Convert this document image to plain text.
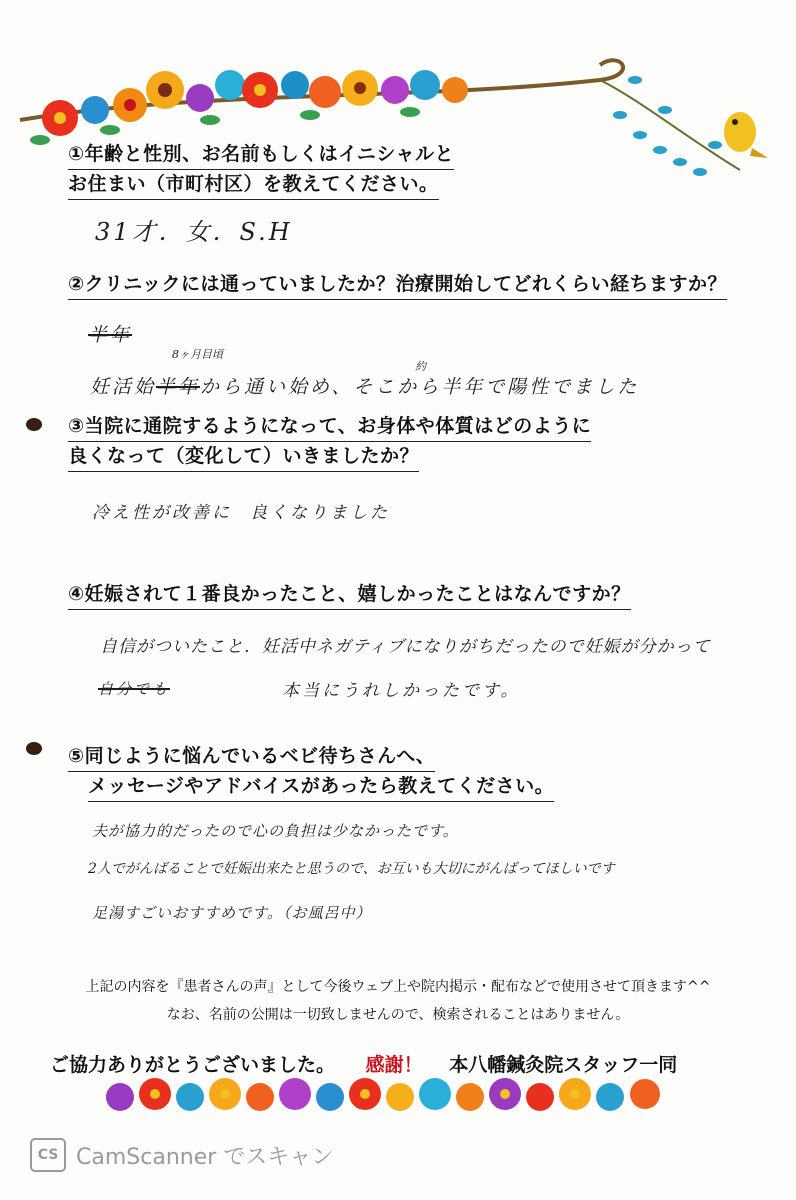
①年齢と性別、お名前もしくはイニシャルと
お住まい（市町村区）を教えてください。
31才．女．S.H
②クリニックには通っていましたか？治療開始してどれくらい経ちますか？
半年
8ヶ月目頃
約
妊活始半年から通い始め、そこから半年で陽性でました
③当院に通院するようになって、お身体や体質はどのように
良くなって（変化して）いきましたか？
冷え性が改善に 良くなりました
④妊娠されて１番良かったこと、嬉しかったことはなんですか？
自信がついたこと．妊活中ネガティブになりがちだったので妊娠が分かって
自分でも	本当にうれしかったです。
⑤同じように悩んでいるベビ待ちさんへ、
メッセージやアドバイスがあったら教えてください。
夫が協力的だったので心の負担は少なかったです。
2人でがんばることで妊娠出来たと思うので、お互いも大切にがんばってほしいです
足湯すごいおすすめです。（お風呂中）
上記の内容を『患者さんの声』として今後ウェブ上や院内掲示・配布などで使用させて頂きます^^
なお、名前の公開は一切致しませんので、検索されることはありません。
ご協力ありがとうございました。 感謝！ 本八幡鍼灸院スタッフ一同
CS CamScanner でスキャン
